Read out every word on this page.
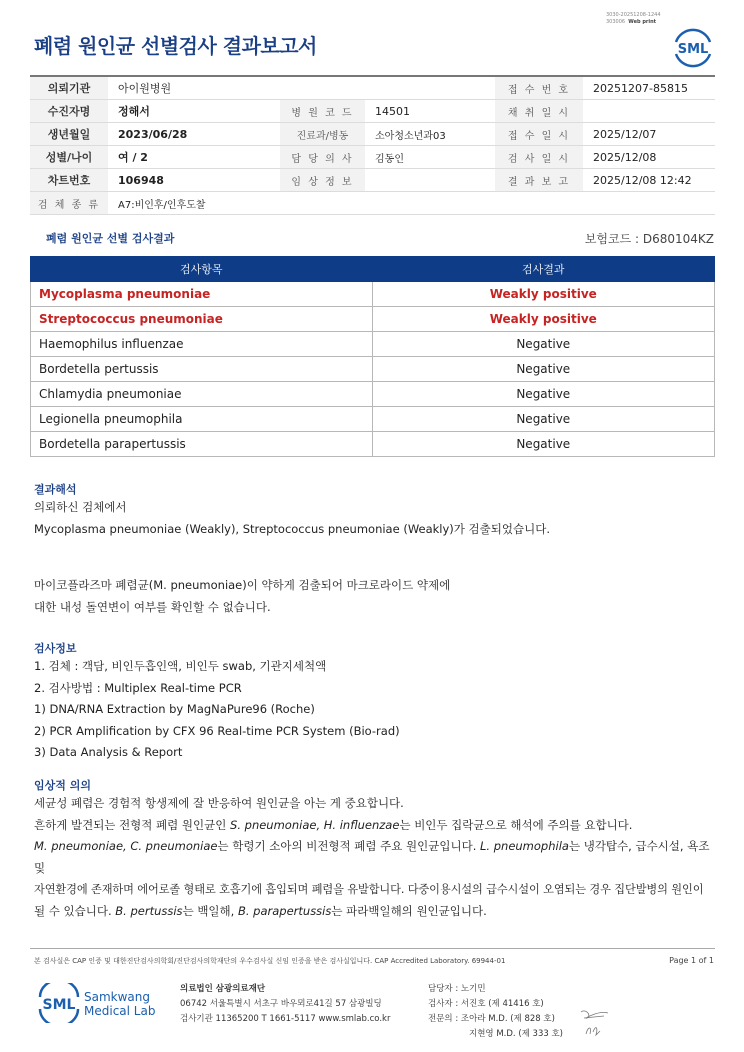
폐렴 원인균 선별검사 결과보고서
3030-20251208-1244
303006 Web print
SML
의뢰기관	아이원병원			접 수 번 호	20251207-85815
수진자명	정해서	병 원 코 드	14501	채 취 일 시	
생년월일	2023/06/28	진료과/병동	소아청소년과03	접 수 일 시	2025/12/07
성별/나이	여 / 2	담 당 의 사	김동인	검 사 일 시	2025/12/08
차트번호	106948	임 상 정 보		결 과 보 고	2025/12/08 12:42
검 체 종 류	A7:비인후/인후도찰				
폐렴 원인균 선별 검사결과	보험코드 : D680104KZ
검사항목	검사결과
Mycoplasma pneumoniae	Weakly positive
Streptococcus pneumoniae	Weakly positive
Haemophilus influenzae	Negative
Bordetella pertussis	Negative
Chlamydia pneumoniae	Negative
Legionella pneumophila	Negative
Bordetella parapertussis	Negative
결과해석
의뢰하신 검체에서
Mycoplasma pneumoniae (Weakly), Streptococcus pneumoniae (Weakly)가 검출되었습니다.
마이코플라즈마 폐렴균(M. pneumoniae)이 약하게 검출되어 마크로라이드 약제에
대한 내성 돌연변이 여부를 확인할 수 없습니다.
검사정보
1. 검체 : 객담, 비인두흡인액, 비인두 swab, 기관지세척액
2. 검사방법 : Multiplex Real-time PCR
1) DNA/RNA Extraction by MagNaPure96 (Roche)
2) PCR Amplification by CFX 96 Real-time PCR System (Bio-rad)
3) Data Analysis & Report
임상적 의의
세균성 폐렴은 경험적 항생제에 잘 반응하여 원인균을 아는 게 중요합니다.
흔하게 발견되는 전형적 폐렴 원인균인 S. pneumoniae, H. influenzae는 비인두 집락균으로 해석에 주의를 요합니다.
M. pneumoniae, C. pneumoniae는 학령기 소아의 비전형적 폐렴 주요 원인균입니다. L. pneumophila는 냉각탑수, 급수시설, 욕조 및
자연환경에 존재하며 에어로졸 형태로 호흡기에 흡입되며 폐렴을 유발합니다. 다중이용시설의 급수시설이 오염되는 경우 집단발병의 원인이
될 수 있습니다. B. pertussis는 백일해, B. parapertussis는 파라백일해의 원인균입니다.
본 검사실은 CAP 인증 및 대한진단검사의학회/진단검사의학재단의 우수검사실 신임 인증을 받은 검사실입니다. CAP Accredited Laboratory. 69944-01	Page 1 of 1
SML Samkwang
Medical Lab
의료법인 삼광의료재단
06742 서울특별시 서초구 바우뫼로41길 57 삼광빌딩
검사기관 11365200 T 1661-5117 www.smlab.co.kr
담당자 : 노기민
검사자 : 서진호 (제 41416 호)
전문의 : 조아라 M.D. (제 828 호)
지현영 M.D. (제 333 호)
